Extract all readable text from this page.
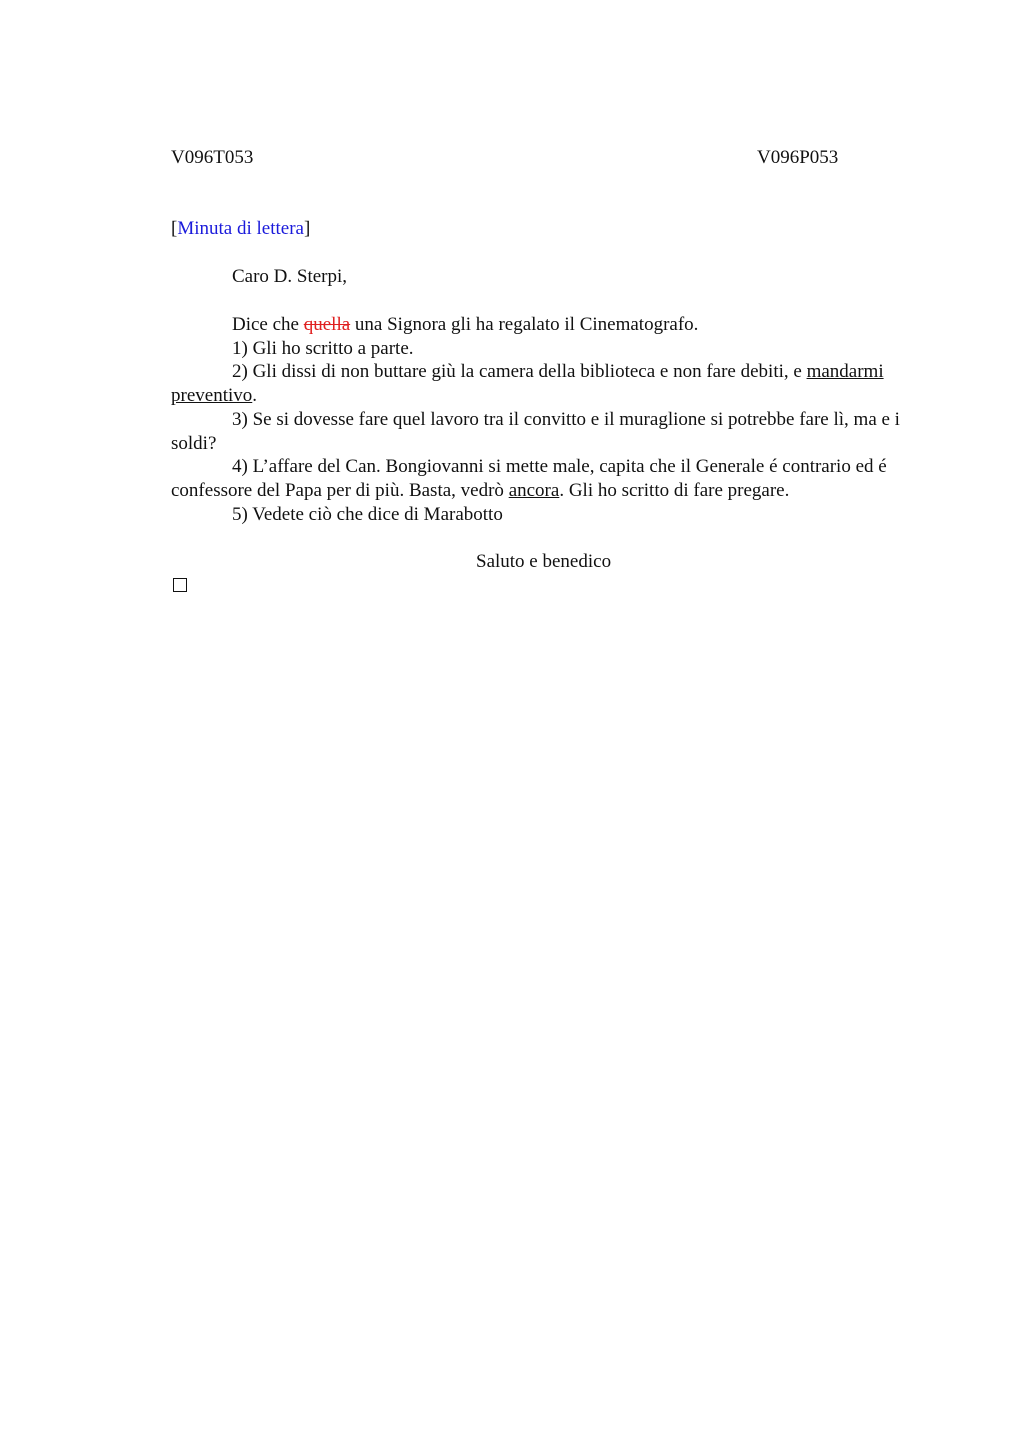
V096T053	V096P053
[Minuta di lettera]
Caro D. Sterpi,

Dice che quella una Signora gli ha regalato il Cinematografo.

1) Gli ho scritto a parte.

2) Gli dissi di non buttare giù la camera della biblioteca e non fare debiti, e mandarmi preventivo.

3) Se si dovesse fare quel lavoro tra il convitto e il muraglione si potrebbe fare lì, ma e i soldi?

4) L’affare del Can. Bongiovanni si mette male, capita che il Generale é contrario ed é confessore del Papa per di più. Basta, vedrò ancora. Gli ho scritto di fare pregare.

5) Vedete ciò che dice di Marabotto

Saluto e benedico
